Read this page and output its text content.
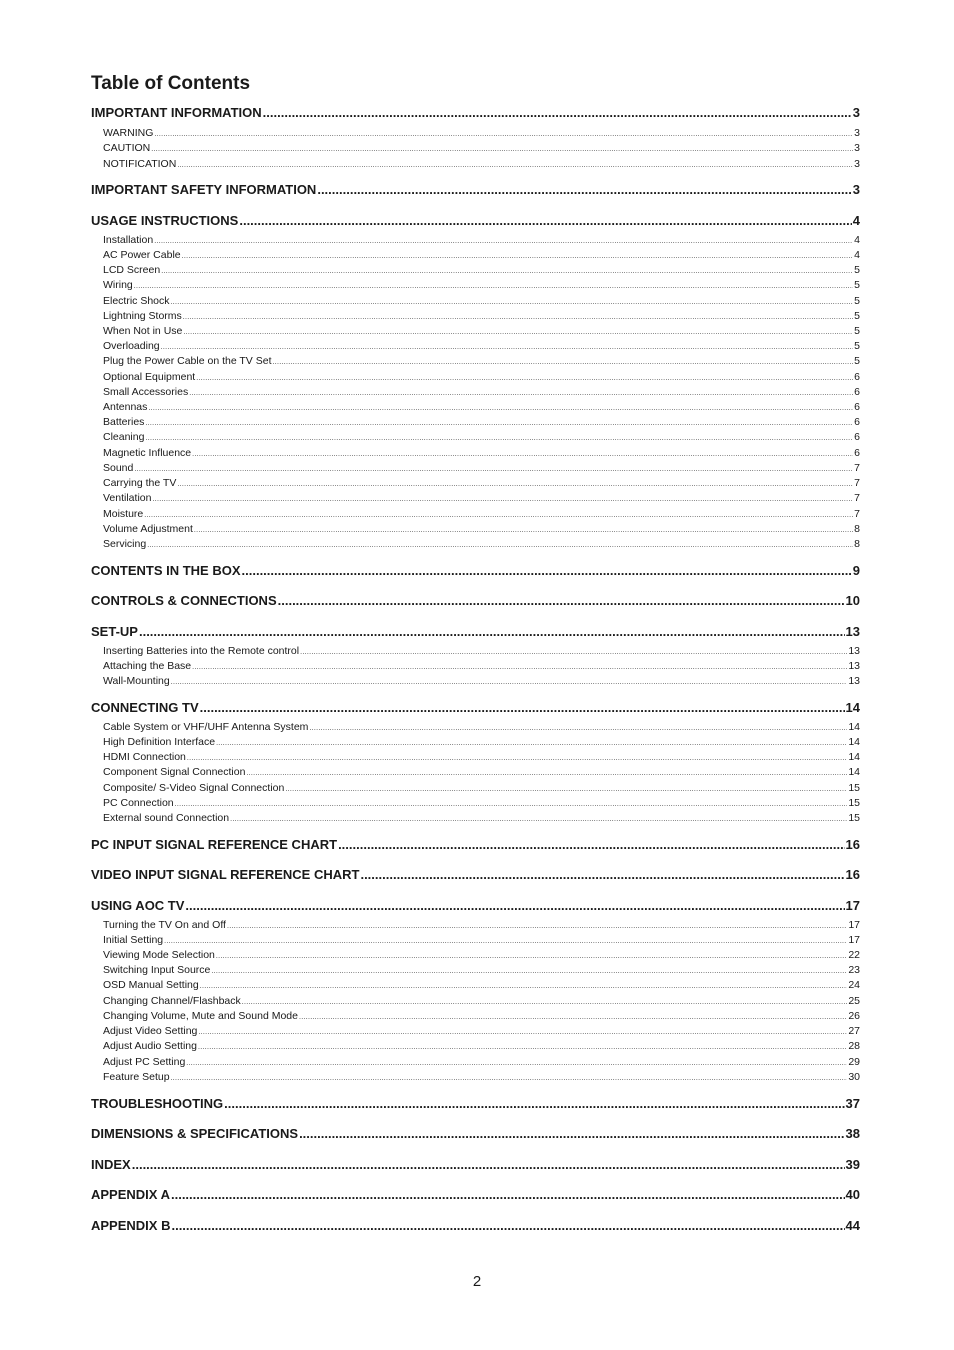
Table of Contents
IMPORTANT INFORMATION .....	3
WARNING .....	3
CAUTION .....	3
NOTIFICATION .....	3
IMPORTANT SAFETY INFORMATION .....	3
USAGE INSTRUCTIONS .....	4
Installation .....	4
AC Power Cable .....	4
LCD Screen .....	5
Wiring .....	5
Electric Shock .....	5
Lightning Storms .....	5
When Not in Use .....	5
Overloading .....	5
Plug the Power Cable on the TV Set .....	5
Optional Equipment .....	6
Small Accessories .....	6
Antennas .....	6
Batteries .....	6
Cleaning .....	6
Magnetic Influence .....	6
Sound .....	7
Carrying the TV .....	7
Ventilation .....	7
Moisture .....	7
Volume Adjustment .....	8
Servicing .....	8
CONTENTS IN THE BOX .....	9
CONTROLS & CONNECTIONS .....	10
SET-UP .....	13
Inserting Batteries into the Remote control .....	13
Attaching the Base .....	13
Wall-Mounting .....	13
CONNECTING TV .....	14
Cable System or VHF/UHF Antenna System .....	14
High Definition Interface .....	14
HDMI Connection .....	14
Component Signal Connection .....	14
Composite/ S-Video Signal Connection .....	15
PC Connection .....	15
External sound Connection .....	15
PC INPUT SIGNAL REFERENCE CHART .....	16
VIDEO INPUT SIGNAL REFERENCE CHART .....	16
USING AOC TV .....	17
Turning the TV On and Off .....	17
Initial Setting .....	17
Viewing Mode Selection .....	22
Switching Input Source .....	23
OSD Manual Setting .....	24
Changing Channel/Flashback .....	25
Changing Volume, Mute and Sound Mode .....	26
Adjust Video Setting .....	27
Adjust Audio Setting .....	28
Adjust PC Setting .....	29
Feature Setup .....	30
TROUBLESHOOTING .....	37
DIMENSIONS & SPECIFICATIONS .....	38
INDEX .....	39
APPENDIX A .....	40
APPENDIX B .....	44
2
